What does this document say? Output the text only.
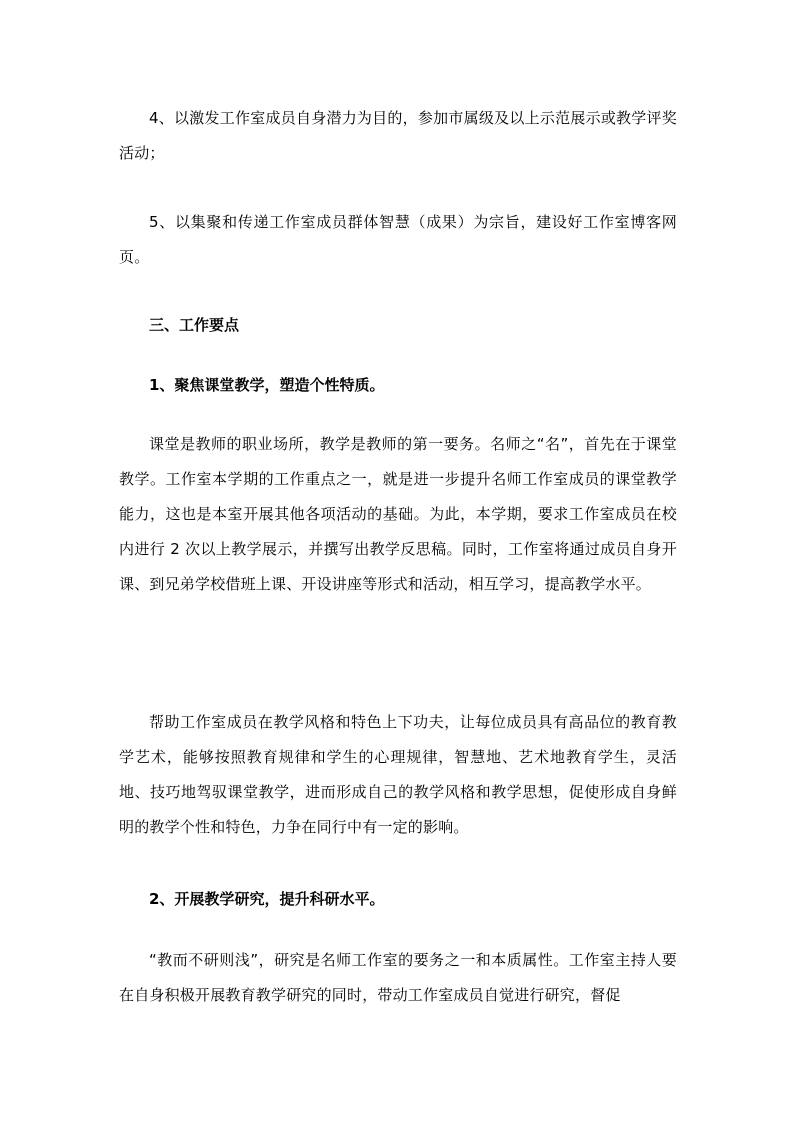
4、以激发工作室成员自身潜力为目的，参加市属级及以上示范展示或教学评奖活动；

5、以集聚和传递工作室成员群体智慧（成果）为宗旨，建设好工作室博客网页。

三、工作要点

1、聚焦课堂教学，塑造个性特质。

课堂是教师的职业场所，教学是教师的第一要务。名师之“名”，首先在于课堂教学。工作室本学期的工作重点之一，就是进一步提升名师工作室成员的课堂教学能力，这也是本室开展其他各项活动的基础。为此，本学期，要求工作室成员在校内进行 2 次以上教学展示，并撰写出教学反思稿。同时，工作室将通过成员自身开课、到兄弟学校借班上课、开设讲座等形式和活动，相互学习，提高教学水平。

帮助工作室成员在教学风格和特色上下功夫，让每位成员具有高品位的教育教学艺术，能够按照教育规律和学生的心理规律，智慧地、艺术地教育学生，灵活地、技巧地驾驭课堂教学，进而形成自己的教学风格和教学思想，促使形成自身鲜明的教学个性和特色，力争在同行中有一定的影响。

2、开展教学研究，提升科研水平。

“教而不研则浅”，研究是名师工作室的要务之一和本质属性。工作室主持人要在自身积极开展教育教学研究的同时，带动工作室成员自觉进行研究，督促
